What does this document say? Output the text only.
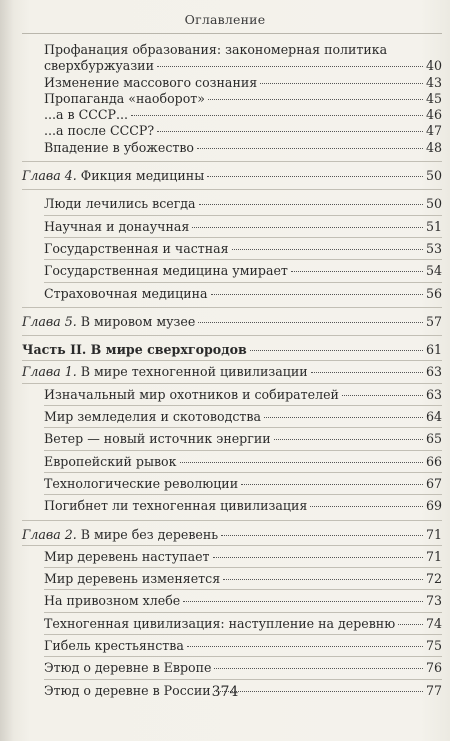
Оглавление
Профанация образования: закономерная политика сверхбуржуазии	40
Изменение массового сознания	43
Пропаганда «наоборот»	45
...а в СССР...	46
...а после СССР?	47
Впадение в убожество	48
Глава 4. Фикция медицины	50
Люди лечились всегда	50
Научная и донаучная	51
Государственная и частная	53
Государственная медицина умирает	54
Страховочная медицина	56
Глава 5. В мировом музее	57
Часть II. В мире сверхгородов	61
Глава 1. В мире техногенной цивилизации	63
Изначальный мир охотников и собирателей	63
Мир земледелия и скотоводства	64
Ветер — новый источник энергии	65
Европейский рывок	66
Технологические революции	67
Погибнет ли техногенная цивилизация	69
Глава 2. В мире без деревень	71
Мир деревень наступает	71
Мир деревень изменяется	72
На привозном хлебе	73
Техногенная цивилизация: наступление на деревню 74
Гибель крестьянства	75
Этюд о деревне в Европе	76
Этюд о деревне в России	77
374
